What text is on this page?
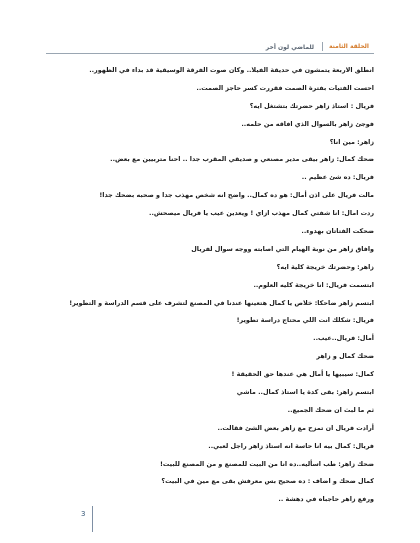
الحلقة الثامنة
للماضي لون أخر

انطلق الاربعة يتمشون في حديقة الفيلا.. وكان صوت الفرقة الوسيقية قد بداء في الظهور..

احست الفتيات بفترة الصمت فقررت كسر حاجز الصمت..

فريال : استاذ زاهر حضرتك بتشتغل ايه؟

فوجئ زاهر بالسوال الذي افاقه من حلمه..

زاهر: مين انا؟

ضحك كمال: زاهر بيقى مدير مصنعي و صديقي المقرب جدا .. احنا متربيين مع بعض..

فريال: ده شئ عظيم ..

مالت فريال على اذن أمال: هو ده كمال.. واضح انه شخص مهذب جدا و صحبه بضحك جدا!

ردت امال: انا شفتي كمال مهذب ازاي ! ويعدين عيب يا فريال ميصحش..

ضحكت الفتاتان بهدوء..

وافاق زاهر من نوبة الهيام التي اصابته ووجه سوال لفريال

زاهر: وحضرتك خريجة كلية ايه؟

ابتسمت فريال: انا خريجة كليه العلوم..

ابتسم زاهر ضاحكا: خلاص يا كمال هتعينها عندنا في المصنع لتشرف على قسم الدراسة و التطوير!

فريال: شكلك انت اللي محتاج دراسة تطوير!

أمال: فريال..عيب..

ضحك كمال و زاهر

كمال: سيبيها يا أمال هي عندها حق الحقيقة !

ابتسم زاهر: بقى كدة يا استاذ كمال.. ماشي

ثم ما لبث ان ضحك الجميع..

أرادت فريال ان تمزح مع زاهر بعض الشئ فقالت..

فريال: كمال بيه انا حاسة انه استاذ زاهر راجل لعبي..

ضحك زاهر: طب اسأليه..ده انا من البيت للمصنع و من المصنع للبيت!

كمال ضحك و اضاف : ده صحيح بس معرفش بقى مع مين في البيت؟

ورفع زاهر حاجباه في دهشة ..

3
